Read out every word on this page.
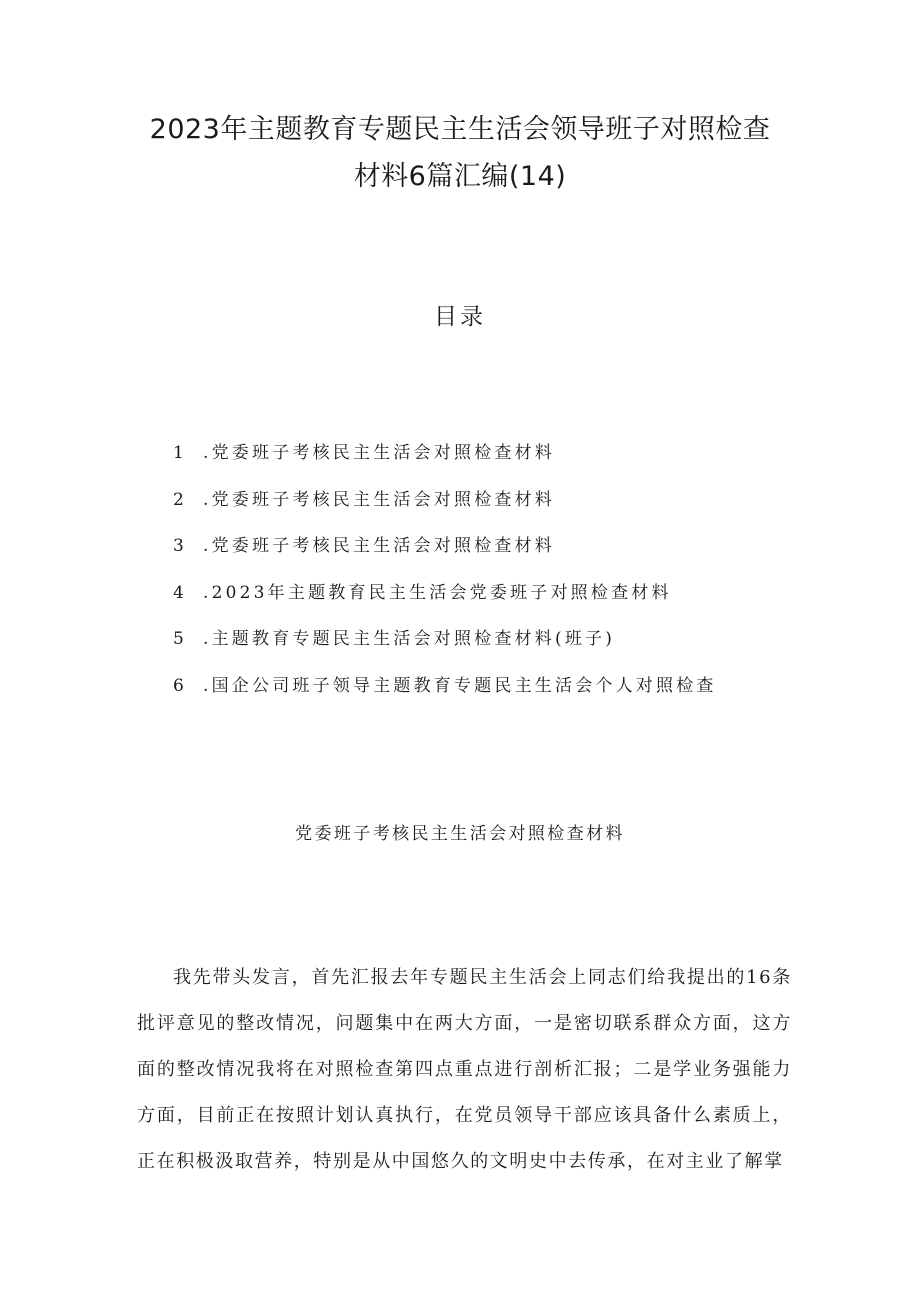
2023年主题教育专题民主生活会领导班子对照检查
材料6篇汇编(14)
目录
1 .党委班子考核民主生活会对照检查材料
2 .党委班子考核民主生活会对照检查材料
3 .党委班子考核民主生活会对照检查材料
4 .2023年主题教育民主生活会党委班子对照检查材料
5 .主题教育专题民主生活会对照检查材料(班子)
6 .国企公司班子领导主题教育专题民主生活会个人对照检查
党委班子考核民主生活会对照检查材料

我先带头发言，首先汇报去年专题民主生活会上同志们给我提出的16条批评意见的整改情况，问题集中在两大方面，一是密切联系群众方面，这方面的整改情况我将在对照检查第四点重点进行剖析汇报；二是学业务强能力方面，目前正在按照计划认真执行，在党员领导干部应该具备什么素质上，正在积极汲取营养，特别是从中国悠久的文明史中去传承，在对主业了解掌
